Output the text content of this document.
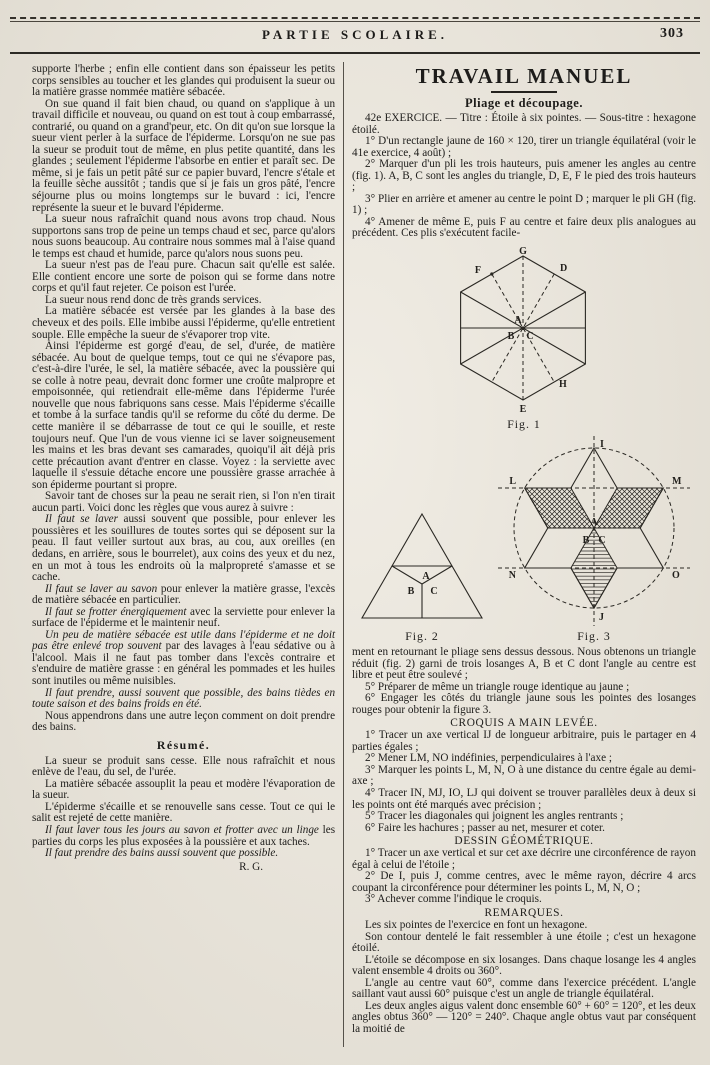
PARTIE SCOLAIRE.	303

supporte l'herbe ; enfin elle contient dans son épaisseur les petits corps sensibles au toucher et les glandes qui produisent la sueur ou la matière grasse nommée matière sébacée.

On sue quand il fait bien chaud, ou quand on s'applique à un travail difficile et nouveau, ou quand on est tout à coup embarrassé, contrarié, ou quand on a grand'peur, etc. On dit qu'on sue lorsque la sueur vient perler à la surface de l'épiderme. Lorsqu'on ne sue pas la sueur se produit tout de même, en plus petite quantité, dans les glandes ; seulement l'épiderme l'absorbe en entier et paraît sec. De même, si je fais un petit pâté sur ce papier buvard, l'encre s'étale et la feuille sèche aussitôt ; tandis que si je fais un gros pâté, l'encre séjourne plus ou moins longtemps sur le buvard : ici, l'encre représente la sueur et le buvard l'épiderme.

La sueur nous rafraîchit quand nous avons trop chaud. Nous supportons sans trop de peine un temps chaud et sec, parce qu'alors nous suons beaucoup. Au contraire nous sommes mal à l'aise quand le temps est chaud et humide, parce qu'alors nous suons peu.

La sueur n'est pas de l'eau pure. Chacun sait qu'elle est salée. Elle contient encore une sorte de poison qui se forme dans notre corps et qu'il faut rejeter. Ce poison est l'urée.

La sueur nous rend donc de très grands services.

La matière sébacée est versée par les glandes à la base des cheveux et des poils. Elle imbibe aussi l'épiderme, qu'elle entretient souple. Elle empêche la sueur de s'évaporer trop vite.

Ainsi l'épiderme est gorgé d'eau, de sel, d'urée, de matière sébacée. Au bout de quelque temps, tout ce qui ne s'évapore pas, c'est-à-dire l'urée, le sel, la matière sébacée, avec la poussière qui se colle à notre peau, devrait donc former une croûte malpropre et empoisonnée, qui retiendrait elle-même dans l'épiderme l'urée nouvelle que nous fabriquons sans cesse. Mais l'épiderme s'écaille et tombe à la surface tandis qu'il se reforme du côté du derme. De cette manière il se débarrasse de tout ce qui le souille, et reste toujours neuf. Que l'un de vous vienne ici se laver soigneusement les mains et les bras devant ses camarades, quoiqu'il ait déjà pris cette précaution avant d'entrer en classe. Voyez : la serviette avec laquelle il s'essuie détache encore une poussière grasse arrachée à son épiderme pourtant si propre.

Savoir tant de choses sur la peau ne serait rien, si l'on n'en tirait aucun parti. Voici donc les règles que vous aurez à suivre :

Il faut se laver aussi souvent que possible, pour enlever les poussières et les souillures de toutes sortes qui se déposent sur la peau. Il faut veiller surtout aux bras, au cou, aux oreilles (en dedans, en arrière, sous le bourrelet), aux coins des yeux et du nez, en un mot à tous les endroits où la malpropreté s'amasse et se cache.

Il faut se laver au savon pour enlever la matière grasse, l'excès de matière sébacée en particulier.

Il faut se frotter énergiquement avec la serviette pour enlever la surface de l'épiderme et le maintenir neuf.

Un peu de matière sébacée est utile dans l'épiderme et ne doit pas être enlevé trop souvent par des lavages à l'eau sédative ou à l'alcool. Mais il ne faut pas tomber dans l'excès contraire et s'enduire de matière grasse : en général les pommades et les huiles sont inutiles ou même nuisibles.

Il faut prendre, aussi souvent que possible, des bains tièdes en toute saison et des bains froids en été.

Nous appendrons dans une autre leçon comment on doit prendre des bains.

Résumé.

La sueur se produit sans cesse. Elle nous rafraîchit et nous enlève de l'eau, du sel, de l'urée.

La matière sébacée assouplit la peau et modère l'évaporation de la sueur.

L'épiderme s'écaille et se renouvelle sans cesse. Tout ce qui le salit est rejeté de cette manière.

Il faut laver tous les jours au savon et frotter avec un linge les parties du corps les plus exposées à la poussière et aux taches.

Il faut prendre des bains aussi souvent que possible.

R. G.

TRAVAIL MANUEL

Pliage et découpage.

42e EXERCICE. — Titre : Étoile à six pointes. — Sous-titre : hexagone étoilé.

1° D'un rectangle jaune de 160 × 120, tirer un triangle équilatéral (voir le 41e exercice, 4 août) ;

2° Marquer d'un pli les trois hauteurs, puis amener les angles au centre (fig. 1). A, B, C sont les angles du triangle, D, E, F le pied des trois hauteurs ;

3° Plier en arrière et amener au centre le point D ; marquer le pli GH (fig. 1) ;

4° Amener de même E, puis F au centre et faire deux plis analogues au précédent. Ces plis s'exécutent facile-

G
F	D
A
B C
H
E
Fig. 1
A
B C
Fig. 2
I
L	M
A
B C
N	O
J
Fig. 3

ment en retournant le pliage sens dessus dessous. Nous obtenons un triangle réduit (fig. 2) garni de trois losanges A, B et C dont l'angle au centre est libre et peut être soulevé ;

5° Préparer de même un triangle rouge identique au jaune ;

6° Engager les côtés du triangle jaune sous les pointes des losanges rouges pour obtenir la figure 3.

CROQUIS A MAIN LEVÉE.

1° Tracer un axe vertical IJ de longueur arbitraire, puis le partager en 4 parties égales ;

2° Mener LM, NO indéfinies, perpendiculaires à l'axe ;

3° Marquer les points L, M, N, O à une distance du centre égale au demi-axe ;

4° Tracer IN, MJ, IO, LJ qui doivent se trouver parallèles deux à deux si les points ont été marqués avec précision ;

5° Tracer les diagonales qui joignent les angles rentrants ;

6° Faire les hachures ; passer au net, mesurer et coter.

DESSIN GÉOMÉTRIQUE.

1° Tracer un axe vertical et sur cet axe décrire une circonférence de rayon égal à celui de l'étoile ;

2° De I, puis J, comme centres, avec le même rayon, décrire 4 arcs coupant la circonférence pour déterminer les points L, M, N, O ;

3° Achever comme l'indique le croquis.

REMARQUES.

Les six pointes de l'exercice en font un hexagone.

Son contour dentelé le fait ressembler à une étoile ; c'est un hexagone étoilé.

L'étoile se décompose en six losanges. Dans chaque losange les 4 angles valent ensemble 4 droits ou 360°.

L'angle au centre vaut 60°, comme dans l'exercice précédent. L'angle saillant vaut aussi 60° puisque c'est un angle de triangle équilatéral.

Les deux angles aigus valent donc ensemble 60° + 60° = 120°, et les deux angles obtus 360° — 120° = 240°. Chaque angle obtus vaut par conséquent la moitié de
